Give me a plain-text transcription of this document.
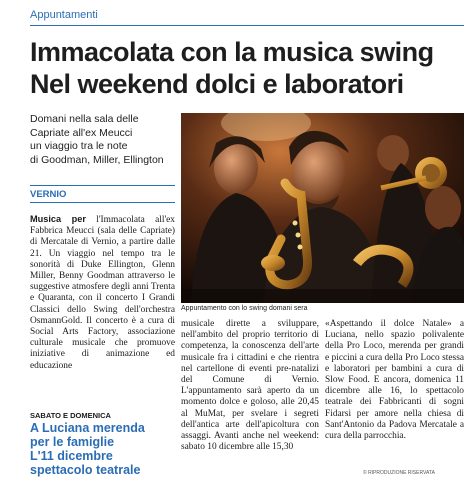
Appuntamenti
Immacolata con la musica swing
Nel weekend dolci e laboratori
Domani nella sala delle
Capriate all'ex Meucci
un viaggio tra le note
di Goodman, Miller, Ellington
Appuntamento con lo swing domani sera
VERNIO
Musica per l'Immacolata all'ex Fabbrica Meucci (sala delle Capriate) di Mercatale di Vernio, a partire dalle 21. Un viaggio nel tempo tra le sonorità di Duke Ellington, Glenn Miller, Benny Goodman attraverso le suggestive atmosfere degli anni Trenta e Quaranta, con il concerto I Grandi Classici dello Swing dell'orchestra OsmannGold. Il concerto è a cura di Social Arts Factory, associazione culturale musicale che promuove iniziative di animazione ed educazione
musicale dirette a sviluppare, nell'ambito del proprio territorio di competenza, la conoscenza dell'arte musicale fra i cittadini e che rientra nel cartellone di eventi pre-natalizi del Comune di Vernio. L'appuntamento sarà aperto da un momento dolce e goloso, alle 20,45 al MuMat, per svelare i segreti dell'antica arte dell'apicoltura con assaggi. Avanti anche nel weekend: sabato 10 dicembre alle 15,30
«Aspettando il dolce Natale» a Luciana, nello spazio polivalente della Pro Loco, merenda per grandi e piccini a cura della Pro Loco stessa e laboratori per bambini a cura di Slow Food. E ancora, domenica 11 dicembre alle 16, lo spettacolo teatrale dei Fabbricanti di sogni Fidarsi per amore nella chiesa di Sant'Antonio da Padova Mercatale a cura della parrocchia.
SABATO E DOMENICA
A Luciana merenda
per le famiglie
L'11 dicembre
spettacolo teatrale	© RIPRODUZIONE RISERVATA
